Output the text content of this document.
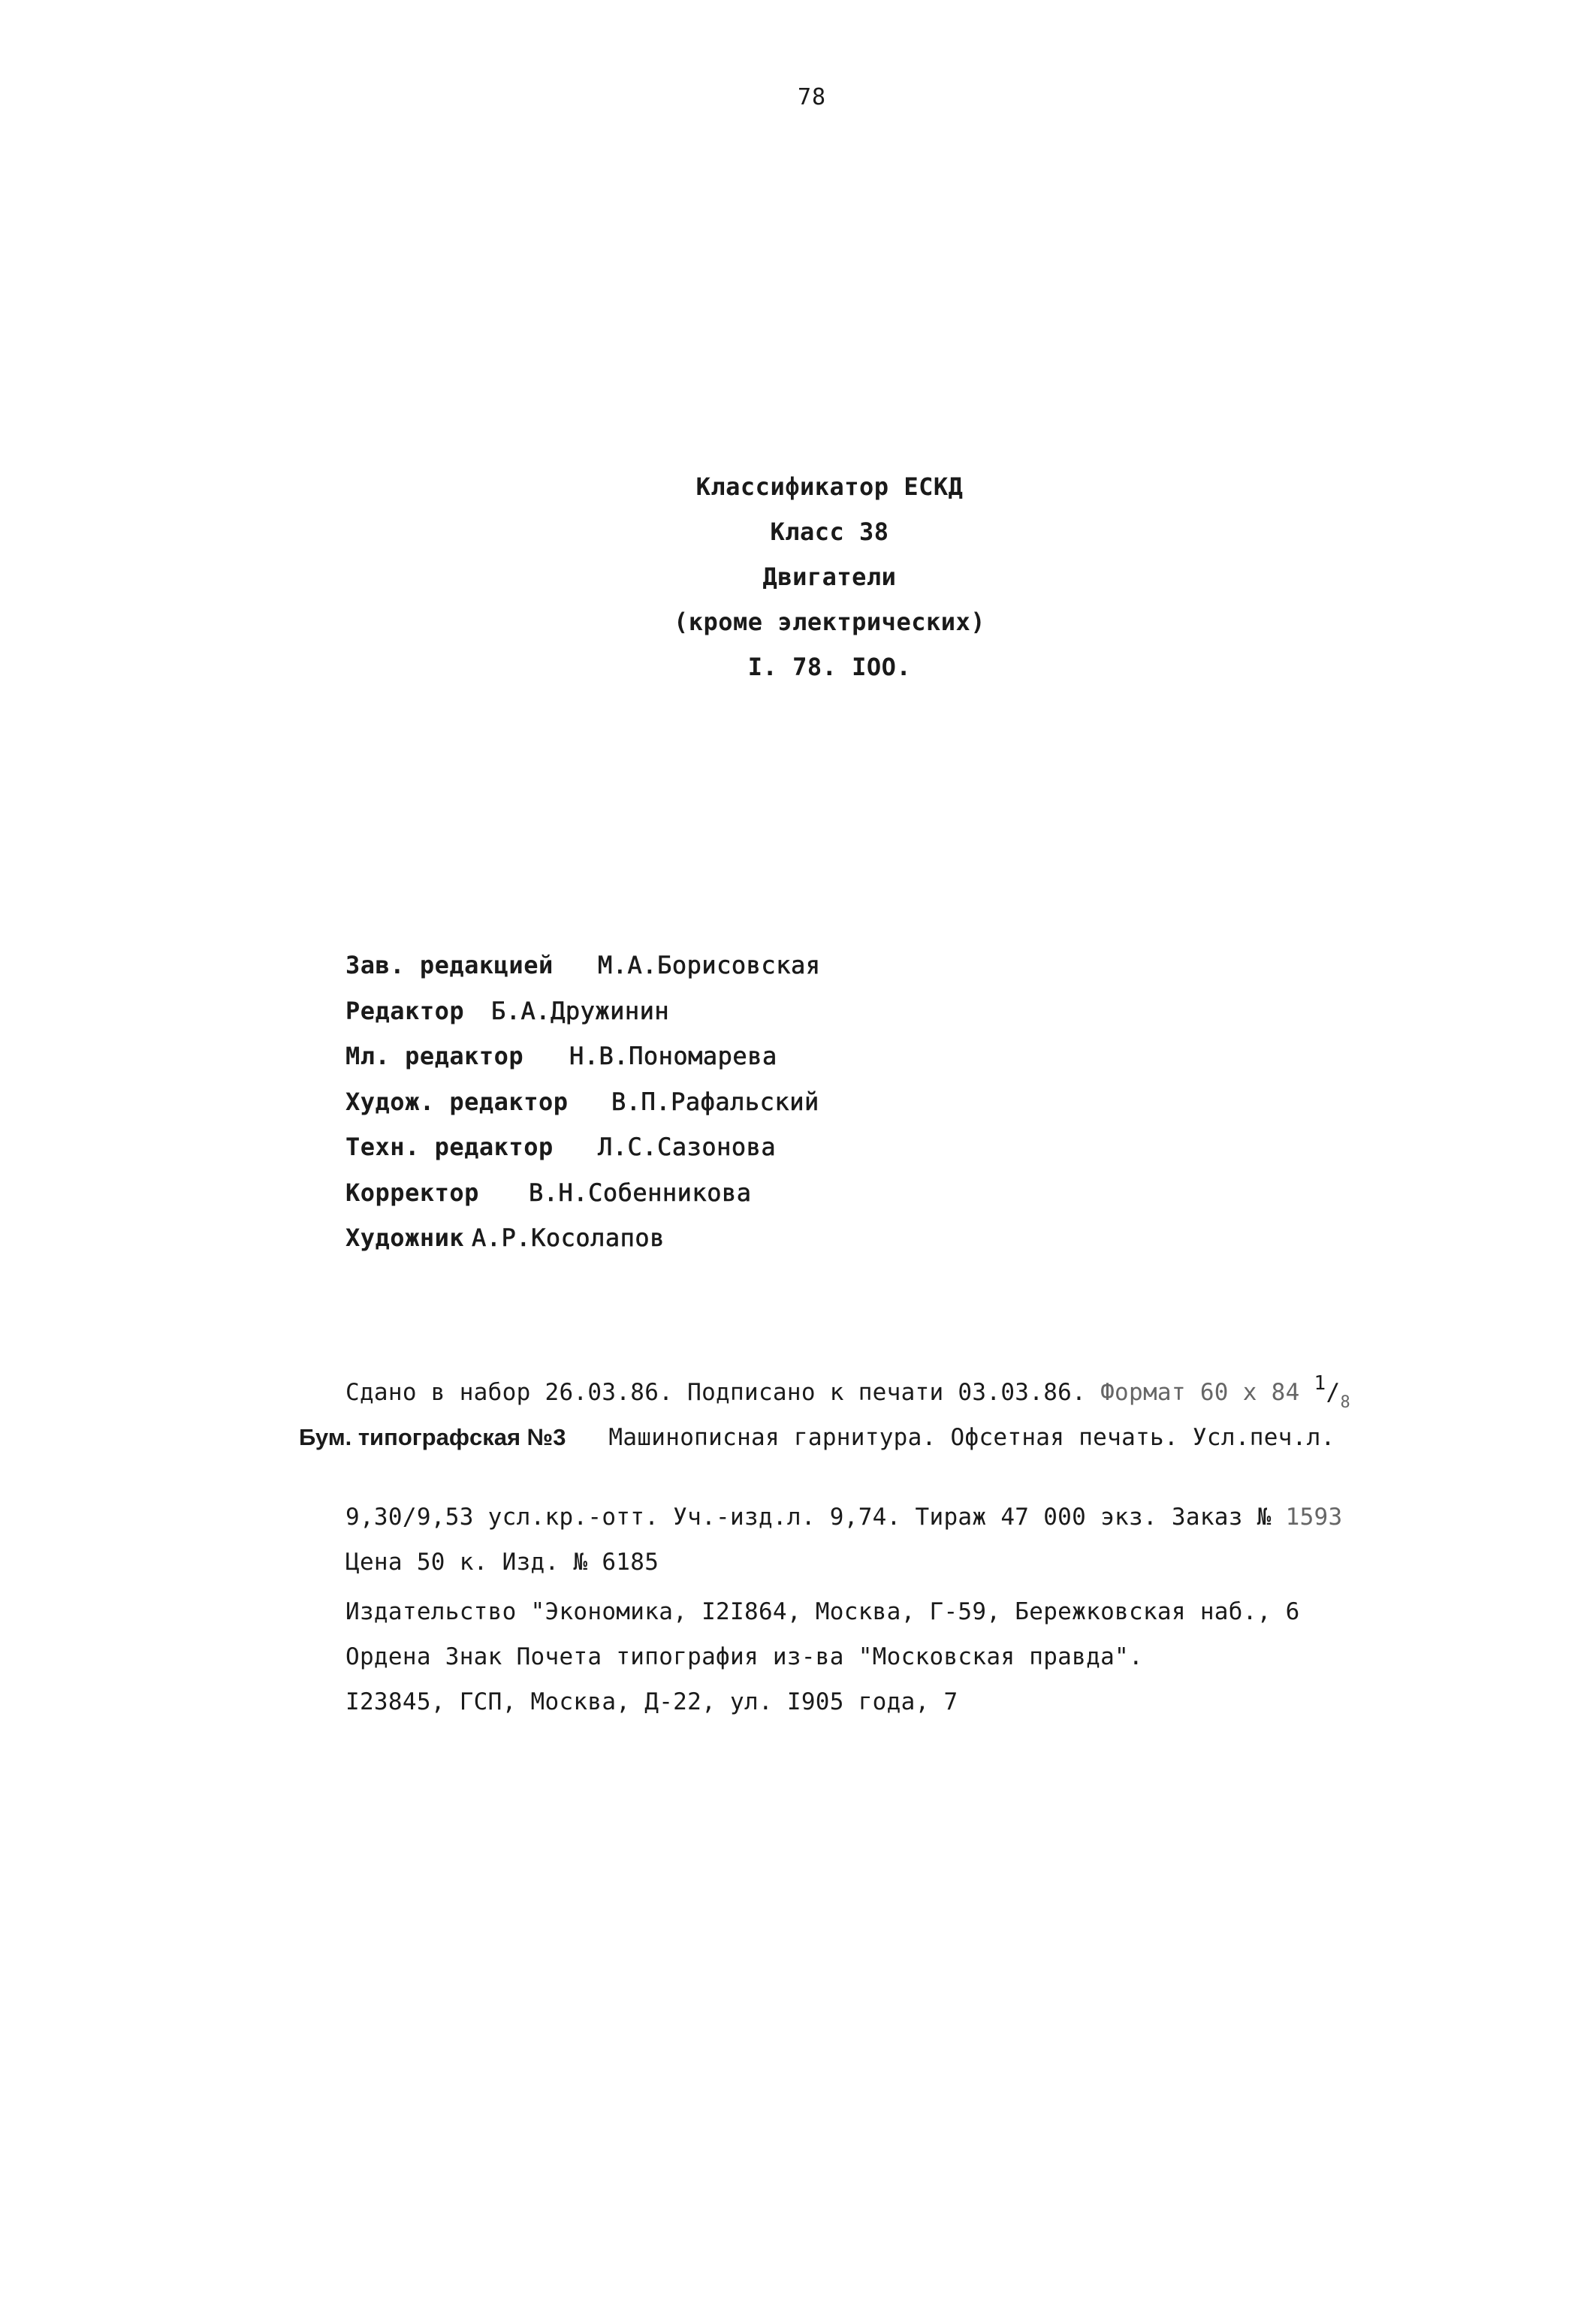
78
Классификатор ЕСКД
Класс 38
Двигатели
(кроме электрических)
I. 78. IOO.
Зав. редакцией М.А.Борисовская
Редактор Б.А.Дружинин
Мл. редактор Н.В.Пономарева
Худож. редактор В.П.Рафальский
Техн. редактор Л.С.Сазонова
Корректор В.Н.Собенникова
Художник А.Р.Косолапов
Сдано в набор 26.03.86. Подписано к печати 03.03.86. Формат 60 х 84 $^1/_8$
Бум. типографская №3 Машинописная гарнитура. Офсетная печать. Усл.печ.л.
9,30/9,53 усл.кр.-отт. Уч.-изд.л. 9,74. Тираж 47 000 экз. Заказ № 1593
Цена 50 к. Изд. № 6185
Издательство "Экономика, I2I864, Москва, Г-59, Бережковская наб., 6
Ордена Знак Почета типография из-ва "Московская правда".
I23845, ГСП, Москва, Д-22, ул. I905 года, 7
